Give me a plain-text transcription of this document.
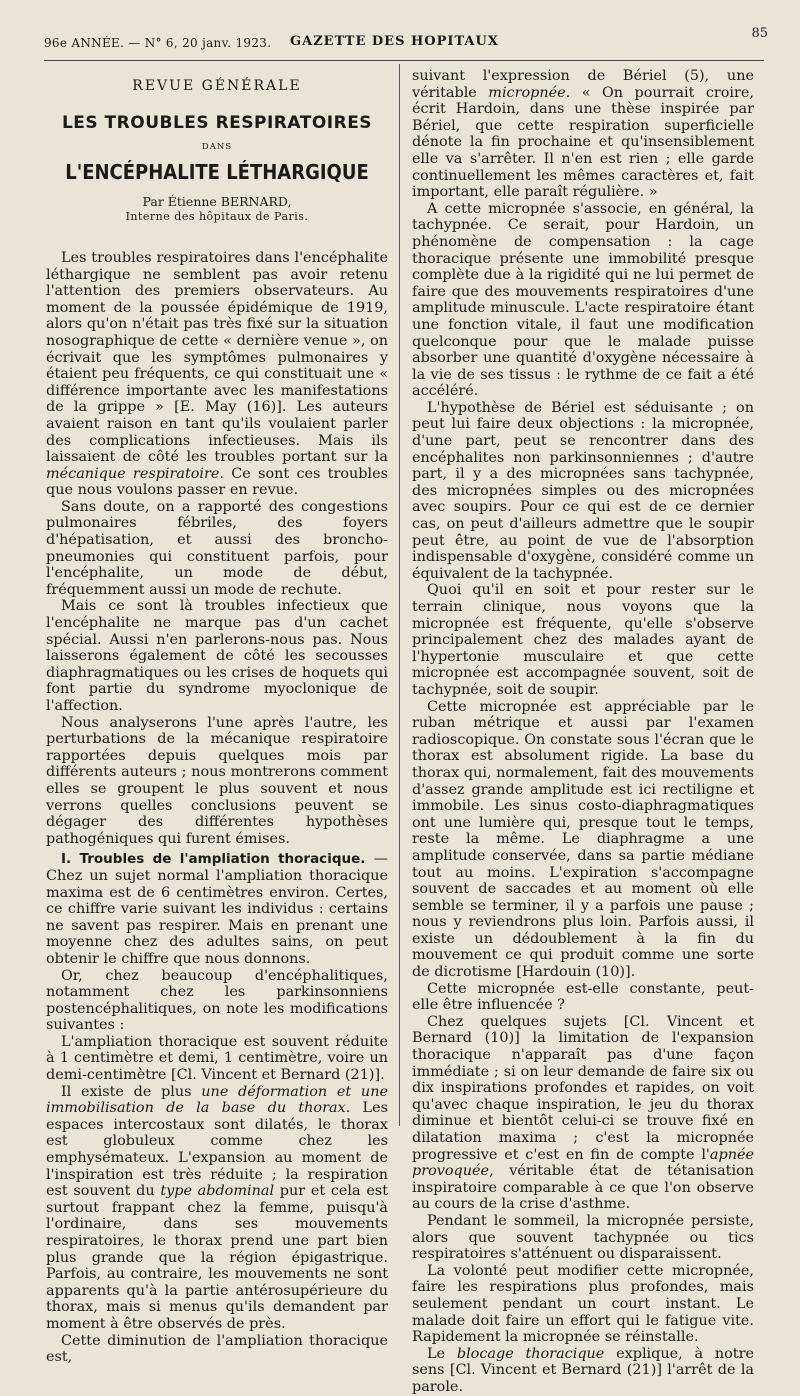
96e ANNÉE. — N° 6, 20 janv. 1923. GAZETTE DES HOPITAUX
85
REVUE GÉNÉRALE
LES TROUBLES RESPIRATOIRES
DANS
L'ENCÉPHALITE LÉTHARGIQUE
Par Étienne BERNARD,
Interne des hôpitaux de Paris.

Les troubles respiratoires dans l'encéphalite léthargique ne semblent pas avoir retenu l'attention des premiers observateurs. Au moment de la poussée épidémique de 1919, alors qu'on n'était pas très fixé sur la situation nosographique de cette « dernière venue », on écrivait que les symptômes pulmonaires y étaient peu fréquents, ce qui constituait une « différence importante avec les manifestations de la grippe » [E. May (16)]. Les auteurs avaient raison en tant qu'ils voulaient parler des complications infectieuses. Mais ils laissaient de côté les troubles portant sur la mécanique respiratoire. Ce sont ces troubles que nous voulons passer en revue.

Sans doute, on a rapporté des congestions pulmonaires fébriles, des foyers d'hépatisation, et aussi des broncho-pneumonies qui constituent parfois, pour l'encéphalite, un mode de début, fréquemment aussi un mode de rechute.

Mais ce sont là troubles infectieux que l'encéphalite ne marque pas d'un cachet spécial. Aussi n'en parlerons-nous pas. Nous laisserons également de côté les secousses diaphragmatiques ou les crises de hoquets qui font partie du syndrome myoclonique de l'affection.

Nous analyserons l'une après l'autre, les perturbations de la mécanique respiratoire rapportées depuis quelques mois par différents auteurs ; nous montrerons comment elles se groupent le plus souvent et nous verrons quelles conclusions peuvent se dégager des différentes hypothèses pathogéniques qui furent émises.

I. Troubles de l'ampliation thoracique. — Chez un sujet normal l'ampliation thoracique maxima est de 6 centimètres environ. Certes, ce chiffre varie suivant les individus : certains ne savent pas respirer. Mais en prenant une moyenne chez des adultes sains, on peut obtenir le chiffre que nous donnons.

Or, chez beaucoup d'encéphalitiques, notamment chez les parkinsonniens postencéphalitiques, on note les modifications suivantes :

L'ampliation thoracique est souvent réduite à 1 centimètre et demi, 1 centimètre, voire un demi-centimètre [Cl. Vincent et Bernard (21)].

Il existe de plus une déformation et une immobilisation de la base du thorax. Les espaces intercostaux sont dilatés, le thorax est globuleux comme chez les emphysémateux. L'expansion au moment de l'inspiration est très réduite ; la respiration est souvent du type abdominal pur et cela est surtout frappant chez la femme, puisqu'à l'ordinaire, dans ses mouvements respiratoires, le thorax prend une part bien plus grande que la région épigastrique. Parfois, au contraire, les mouvements ne sont apparents qu'à la partie antérosupérieure du thorax, mais si menus qu'ils demandent par moment à être observés de près.

Cette diminution de l'ampliation thoracique est,

suivant l'expression de Bériel (5), une véritable micropnée. « On pourrait croire, écrit Hardoin, dans une thèse inspirée par Bériel, que cette respiration superficielle dénote la fin prochaine et qu'insensiblement elle va s'arrêter. Il n'en est rien ; elle garde continuellement les mêmes caractères et, fait important, elle paraît régulière. »

A cette micropnée s'associe, en général, la tachypnée. Ce serait, pour Hardoin, un phénomène de compensation : la cage thoracique présente une immobilité presque complète due à la rigidité qui ne lui permet de faire que des mouvements respiratoires d'une amplitude minuscule. L'acte respiratoire étant une fonction vitale, il faut une modification quelconque pour que le malade puisse absorber une quantité d'oxygène nécessaire à la vie de ses tissus : le rythme de ce fait a été accéléré.

L'hypothèse de Bériel est séduisante ; on peut lui faire deux objections : la micropnée, d'une part, peut se rencontrer dans des encéphalites non parkinsonniennes ; d'autre part, il y a des micropnées sans tachypnée, des micropnées simples ou des micropnées avec soupirs. Pour ce qui est de ce dernier cas, on peut d'ailleurs admettre que le soupir peut être, au point de vue de l'absorption indispensable d'oxygène, considéré comme un équivalent de la tachypnée.

Quoi qu'il en soit et pour rester sur le terrain clinique, nous voyons que la micropnée est fréquente, qu'elle s'observe principalement chez des malades ayant de l'hypertonie musculaire et que cette micropnée est accompagnée souvent, soit de tachypnée, soit de soupir.

Cette micropnée est appréciable par le ruban métrique et aussi par l'examen radioscopique. On constate sous l'écran que le thorax est absolument rigide. La base du thorax qui, normalement, fait des mouvements d'assez grande amplitude est ici rectiligne et immobile. Les sinus costo-diaphragmatiques ont une lumière qui, presque tout le temps, reste la même. Le diaphragme a une amplitude conservée, dans sa partie médiane tout au moins. L'expiration s'accompagne souvent de saccades et au moment où elle semble se terminer, il y a parfois une pause ; nous y reviendrons plus loin. Parfois aussi, il existe un dédoublement à la fin du mouvement ce qui produit comme une sorte de dicrotisme [Hardouin (10)].

Cette micropnée est-elle constante, peut-elle être influencée ?

Chez quelques sujets [Cl. Vincent et Bernard (10)] la limitation de l'expansion thoracique n'apparaît pas d'une façon immédiate ; si on leur demande de faire six ou dix inspirations profondes et rapides, on voit qu'avec chaque inspiration, le jeu du thorax diminue et bientôt celui-ci se trouve fixé en dilatation maxima ; c'est la micropnée progressive et c'est en fin de compte l'apnée provoquée, véritable état de tétanisation inspiratoire comparable à ce que l'on observe au cours de la crise d'asthme.

Pendant le sommeil, la micropnée persiste, alors que souvent tachypnée ou tics respiratoires s'atténuent ou disparaissent.

La volonté peut modifier cette micropnée, faire les respirations plus profondes, mais seulement pendant un court instant. Le malade doit faire un effort qui le fatigue vite. Rapidement la micropnée se réinstalle.

Le blocage thoracique explique, à notre sens [Cl. Vincent et Bernard (21)] l'arrêt de la parole.
